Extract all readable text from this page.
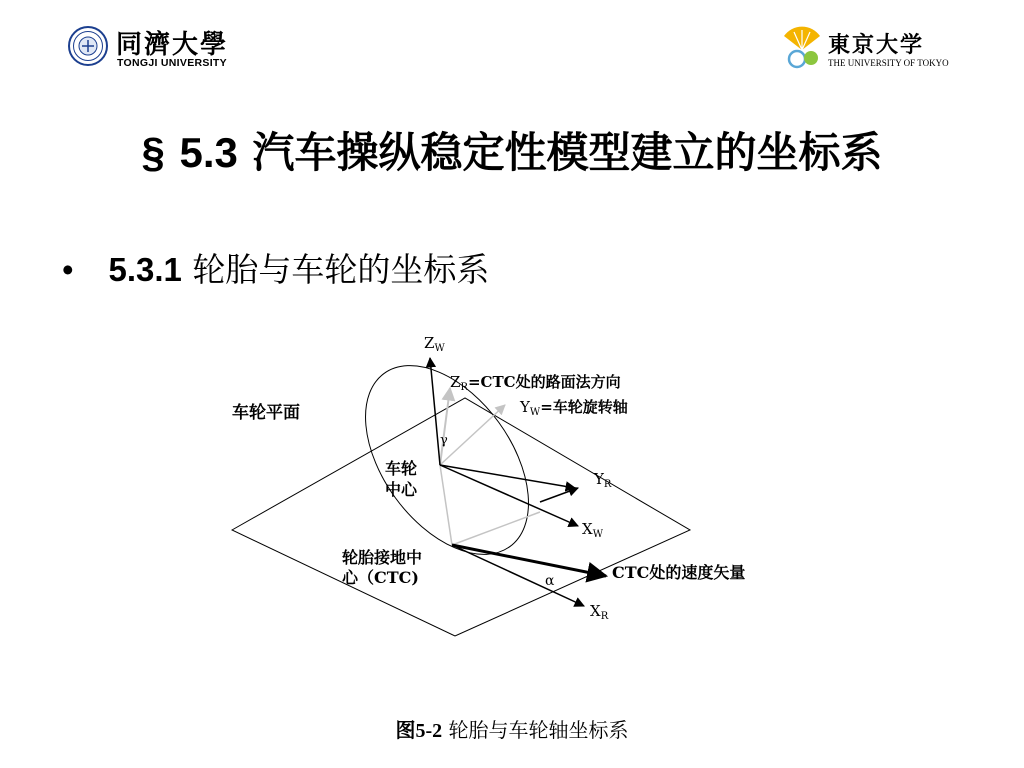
同濟大學
TONGJI UNIVERSITY
東京大学
THE UNIVERSITY OF TOKYO
§ 5.3 汽车操纵稳定性模型建立的坐标系
• 5.3.1 轮胎与车轮的坐标系
车轮平面
车轮
中心
轮胎接地中
心（CTC)
$Z_W$
$Z_R=CTC$处的路面法方向
$Y_W=$车轮旋转轴
$Y_R$
$X_W$
$X_R$
γ
α	CTC处的速度矢量
图5-2 轮胎与车轮轴坐标系
